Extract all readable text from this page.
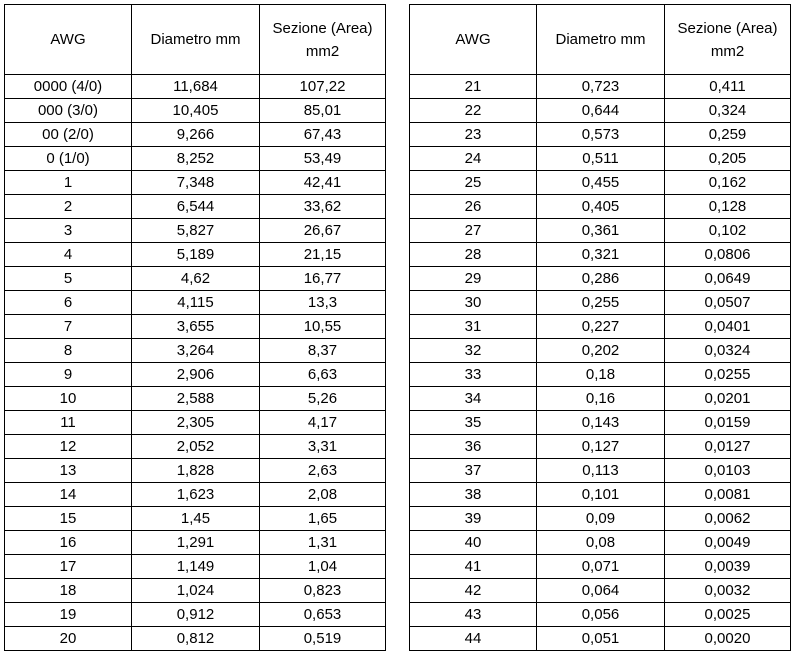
AWG	Diametro mm	Sezione (Area) mm2
0000 (4/0)	11,684	107,22
000 (3/0)	10,405	85,01
00 (2/0)	9,266	67,43
0 (1/0)	8,252	53,49
1	7,348	42,41
2	6,544	33,62
3	5,827	26,67
4	5,189	21,15
5	4,62	16,77
6	4,115	13,3
7	3,655	10,55
8	3,264	8,37
9	2,906	6,63
10	2,588	5,26
11	2,305	4,17
12	2,052	3,31
13	1,828	2,63
14	1,623	2,08
15	1,45	1,65
16	1,291	1,31
17	1,149	1,04
18	1,024	0,823
19	0,912	0,653
20	0,812	0,519
AWG	Diametro mm	Sezione (Area) mm2
21	0,723	0,411
22	0,644	0,324
23	0,573	0,259
24	0,511	0,205
25	0,455	0,162
26	0,405	0,128
27	0,361	0,102
28	0,321	0,0806
29	0,286	0,0649
30	0,255	0,0507
31	0,227	0,0401
32	0,202	0,0324
33	0,18	0,0255
34	0,16	0,0201
35	0,143	0,0159
36	0,127	0,0127
37	0,113	0,0103
38	0,101	0,0081
39	0,09	0,0062
40	0,08	0,0049
41	0,071	0,0039
42	0,064	0,0032
43	0,056	0,0025
44	0,051	0,0020
